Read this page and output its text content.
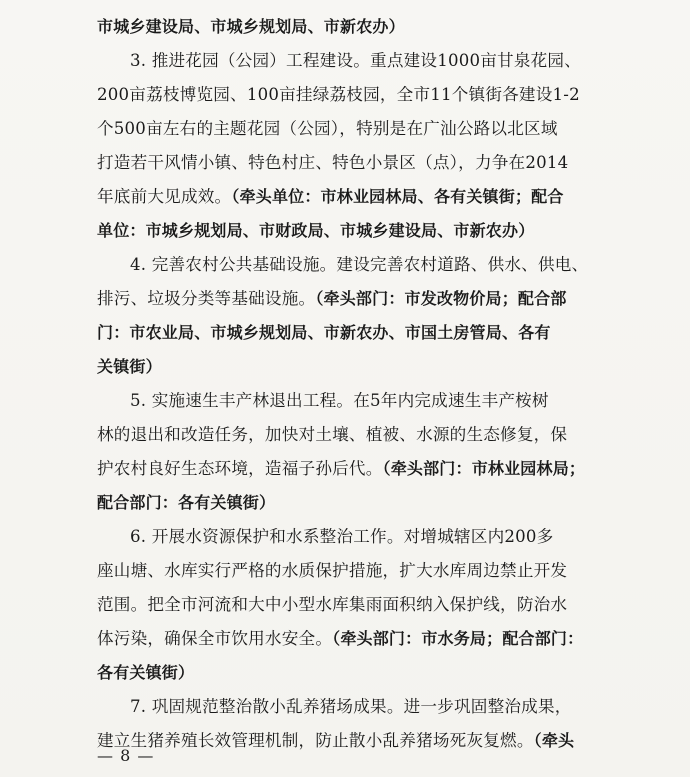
市城乡建设局、市城乡规划局、市新农办）
3. 推进花园（公园）工程建设。重点建设1000亩甘泉花园、
200亩荔枝博览园、100亩挂绿荔枝园，全市11个镇街各建设1-2
个500亩左右的主题花园（公园），特别是在广汕公路以北区域
打造若干风情小镇、特色村庄、特色小景区（点），力争在2014
年底前大见成效。（牵头单位：市林业园林局、各有关镇街；配合
单位：市城乡规划局、市财政局、市城乡建设局、市新农办）
4. 完善农村公共基础设施。建设完善农村道路、供水、供电、
排污、垃圾分类等基础设施。（牵头部门：市发改物价局；配合部
门：市农业局、市城乡规划局、市新农办、市国土房管局、各有
关镇街）
5. 实施速生丰产林退出工程。在5年内完成速生丰产桉树
林的退出和改造任务，加快对土壤、植被、水源的生态修复，保
护农村良好生态环境，造福子孙后代。（牵头部门：市林业园林局；
配合部门：各有关镇街）
6. 开展水资源保护和水系整治工作。对增城辖区内200多
座山塘、水库实行严格的水质保护措施，扩大水库周边禁止开发
范围。把全市河流和大中小型水库集雨面积纳入保护线，防治水
体污染，确保全市饮用水安全。（牵头部门：市水务局；配合部门：
各有关镇街）
7. 巩固规范整治散小乱养猪场成果。进一步巩固整治成果，
建立生猪养殖长效管理机制，防止散小乱养猪场死灰复燃。（牵头
— 8 —
